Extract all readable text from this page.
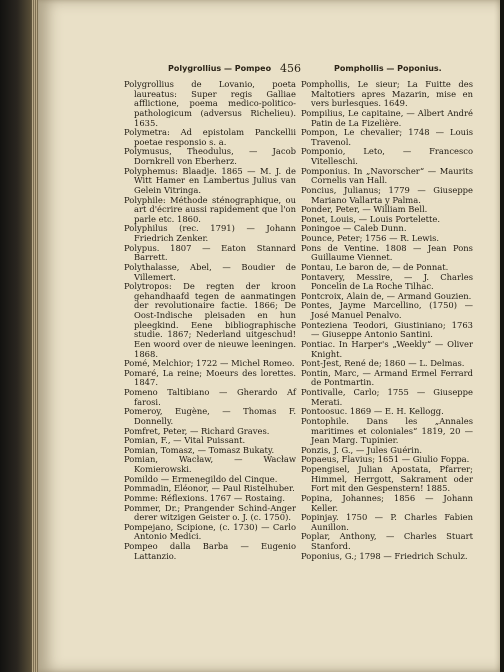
Polygrollius — Pompeo 456	Pomphollis — Poponius.
Polygrollius de Lovanio, poeta laureatus: Super regis Galliae afflictione, poema medico-politico-pathologicum (adversus Richelieu). 1635.
Polymetra: Ad epistolam Panckellii poetae responsio s. a.
Polymusus, Theodulus, — Jacob Dornkrell von Eberherz.
Polyphemus: Blaadje. 1865 — M. J. de Witt Hamer en Lambertus Julius van Gelein Vitringa.
Polyphile: Méthode sténographique, ou art d'écrire aussi rapidement que l'on parle etc. 1860.
Polyphilus (rec. 1791) — Johann Friedrich Zenker.
Polypus. 1807 — Eaton Stannard Barrett.
Polythalasse, Abel, — Boudier de Villemert.
Polytropos: De regten der kroon gehandhaafd tegen de aanmatingen der revolutionaire factie. 1866; De Oost-Indische pleisaden en hun pleegkind. Eene bibliographische studie. 1867; Nederland uitgeschud! Een woord over de nieuwe leeningen. 1868.
Pomé, Melchior; 1722 — Michel Romeo.
Pomaré, La reine; Moeurs des lorettes. 1847.
Pomeno Taltibiano — Gherardo Af farosi.
Pomeroy, Eugène, — Thomas F. Donnelly.
Pomfret, Peter, — Richard Graves.
Pomian, F., — Vital Puissant.
Pomian, Tomasz, — Tomasz Bukaty.
Pomian, Wacław, — Wacław Komierowski.
Pomildo — Ermenegildo del Cinque.
Pommadin, Eléonor, — Paul Ristelhuber.
Pomme: Réflexions. 1767 — Rostaing.
Pommer, Dr.; Prangender Schind-Anger derer witzigen Geister o. J. (c. 1750).
Pompejano, Scipione, (c. 1730) — Carlo Antonio Medici.
Pompeo dalla Barba — Eugenio Lattanzio.
Pomphollis, Le sieur; La Fuitte des Maltotiers apres Mazarin, mise en vers burlesques. 1649.
Pompilius, Le capitaine, — Albert André Patin de La Fizelière.
Pompon, Le chevalier; 1748 — Louis Travenol.
Pomponio, Leto, — Francesco Vitelleschi.
Pomponius. In „Navorscher“ — Maurits Cornelis van Hall.
Poncius, Julianus; 1779 — Giuseppe Mariano Vallarta y Palma.
Ponder, Peter, — William Bell.
Ponet, Louis, — Louis Portelette.
Poningoe — Caleb Dunn.
Pounce, Peter; 1756 — R. Lewis.
Pons de Ventine. 1808 — Jean Pons Guillaume Viennet.
Pontau, Le baron de, — de Ponnat.
Pontavery, Messire, — J. Charles Poncelin de La Roche Tilhac.
Pontcroix, Alain de, — Armand Gouzien.
Pontes, Jayme Marcellino, (1750) — José Manuel Penalvo.
Ponteziena Teodori, Giustiniano; 1763 — Giuseppe Antonio Santini.
Pontiac. In Harper's „Weekly“ — Oliver Knight.
Pont-Jest, René de; 1860 — L. Delmas.
Pontin, Marc, — Armand Ermel Ferrard de Pontmartin.
Pontivalle, Carlo; 1755 — Giuseppe Merati.
Pontoosuc. 1869 — E. H. Kellogg.
Pontophile. Dans les „Annales maritimes et coloniales“ 1819, 20 — Jean Marg. Tupinier.
Ponzis, J. G., — Jules Guérin.
Popaeus, Flavius; 1651 — Giulio Foppa.
Popengisel, Julian Apostata, Pfarrer; Himmel, Herrgott, Sakrament oder Fort mit den Gespenstern! 1885.
Popina, Johannes; 1856 — Johann Keller.
Popinjay. 1750 — P. Charles Fabien Aunillon.
Poplar, Anthony, — Charles Stuart Stanford.
Poponius, G.; 1798 — Friedrich Schulz.
